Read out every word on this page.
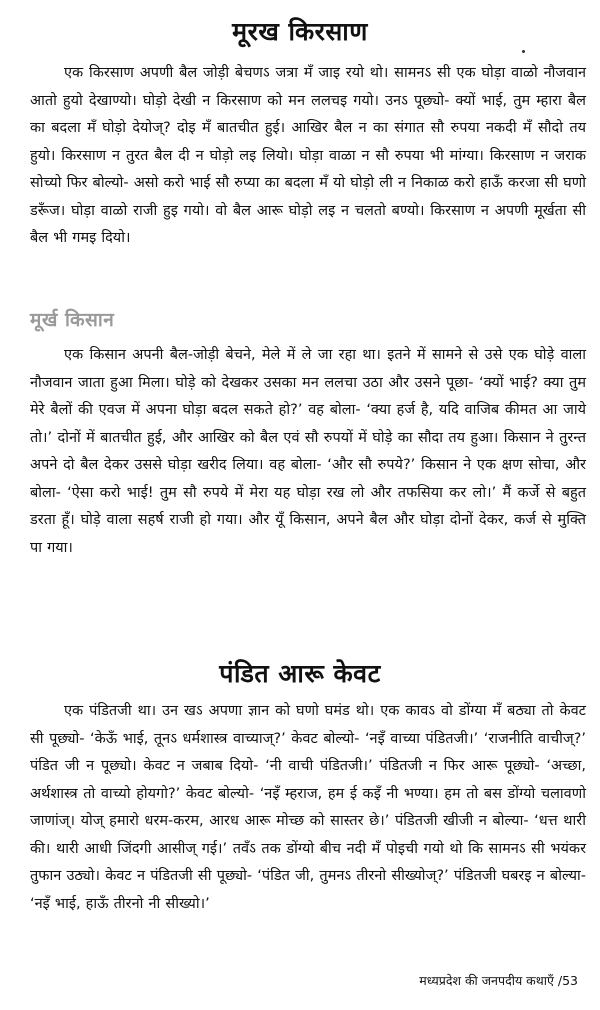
मूरख किरसाण

एक किरसाण अपणी बैल जोड़ी बेचणऽ जत्रा मँ जाइ रयो थो। सामनऽ सी एक घोड़ा वाळो नौजवान आतो हुयो देखाण्यो। घोड़ो देखी न किरसाण को मन ललचइ गयो। उनऽ पूछ्यो- क्यों भाई, तुम म्हारा बैल का बदला मँ घोड़ो देयोज्? दोइ मँ बातचीत हुई। आखिर बैल न का संगात सौ रुपया नकदी मँ सौदो तय हुयो। किरसाण न तुरत बैल दी न घोड़ो लइ लियो। घोड़ा वाळा न सौ रुपया भी मांग्या। किरसाण न जराक सोच्यो फिर बोल्यो- असो करो भाई सौ रुप्या का बदला मँ यो घोड़ो ली न निकाळ करो हाऊँ करजा सी घणो डरूँज। घोड़ा वाळो राजी हुइ गयो। वो बैल आरू घोड़ो लइ न चलतो बण्यो। किरसाण न अपणी मूर्खता सी बैल भी गमइ दियो।

मूर्ख किसान

एक किसान अपनी बैल-जोड़ी बेचने, मेले में ले जा रहा था। इतने में सामने से उसे एक घोड़े वाला नौजवान जाता हुआ मिला। घोड़े को देखकर उसका मन ललचा उठा और उसने पूछा- ‘क्यों भाई? क्या तुम मेरे बैलों की एवज में अपना घोड़ा बदल सकते हो?’ वह बोला- ‘क्या हर्ज है, यदि वाजिब कीमत आ जाये तो।’ दोनों में बातचीत हुई, और आखिर को बैल एवं सौ रुपयों में घोड़े का सौदा तय हुआ। किसान ने तुरन्त अपने दो बैल देकर उससे घोड़ा खरीद लिया। वह बोला- ‘और सौ रुपये?’ किसान ने एक क्षण सोचा, और बोला- ‘ऐसा करो भाई! तुम सौ रुपये में मेरा यह घोड़ा रख लो और तफसिया कर लो।’ मैं कर्जे से बहुत डरता हूँ। घोड़े वाला सहर्ष राजी हो गया। और यूँ किसान, अपने बैल और घोड़ा दोनों देकर, कर्ज से मुक्ति पा गया।

पंडित आरू केवट

एक पंडितजी था। उन खऽ अपणा ज्ञान को घणो घमंड थो। एक कावऽ वो डोंग्या मँ बठ्या तो केवट सी पूछ्यो- ‘केऊँ भाई, तूनऽ धर्मशास्त्र वाच्याज्?’ केवट बोल्यो- ‘नइँ वाच्या पंडितजी।’ ‘राजनीति वाचीज्?’ पंडित जी न पूछ्यो। केवट न जबाब दियो- ‘नी वाची पंडितजी।’ पंडितजी न फिर आरू पूछ्यो- ‘अच्छा, अर्थशास्त्र तो वाच्यो होयगो?’ केवट बोल्यो- ‘नइँ म्हराज, हम ई कइँ नी भण्या। हम तो बस डोंग्यो चलावणो जाणांज्। योज् हमारो धरम-करम, आरध आरू मोच्छ को सास्तर छे।’ पंडितजी खीजी न बोल्या- ‘धत्त थारी की। थारी आधी जिंदगी आसीज् गई।’ तवँऽ तक डोंग्यो बीच नदी मँ पोइची गयो थो कि सामनऽ सी भयंकर तुफान उठ्यो। केवट न पंडितजी सी पूछ्यो- ‘पंडित जी, तुमनऽ तीरनो सीख्योज्?’ पंडितजी घबरइ न बोल्या- ‘नइँ भाई, हाऊँ तीरनो नी सीख्यो।’

मध्यप्रदेश की जनपदीय कथाएँ /53
